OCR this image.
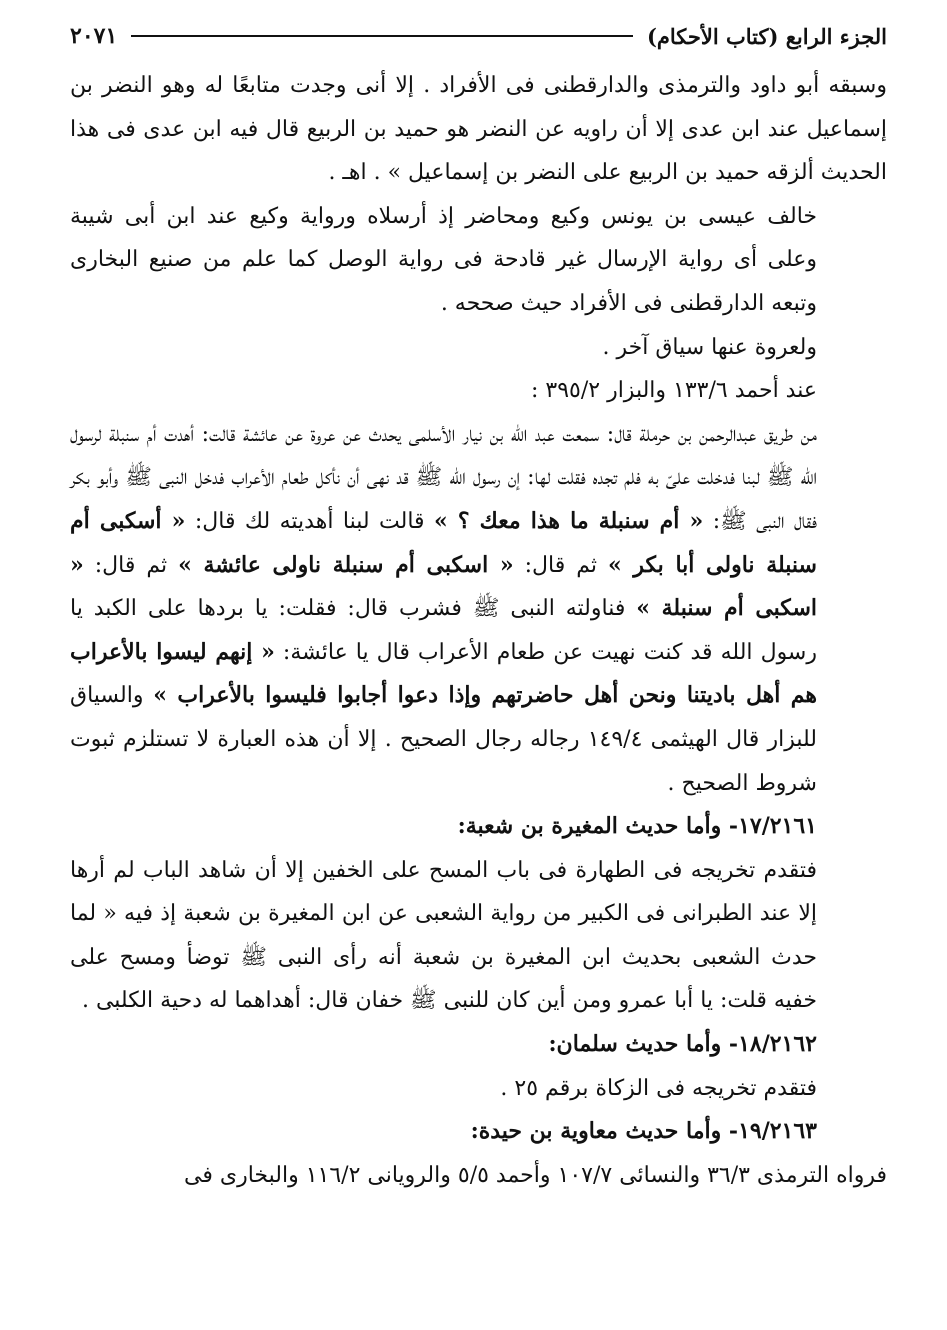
الجزء الرابع (كتاب الأحكام)
٢٠٧١

وسبقه أبو داود والترمذى والدارقطنى فى الأفراد . إلا أنى وجدت متابعًا له وهو النضر بن إسماعيل عند ابن عدى إلا أن راويه عن النضر هو حميد بن الربيع قال فيه ابن عدى فى هذا الحديث ألزقه حميد بن الربيع على النضر بن إسماعيل » . اهـ .

خالف عيسى بن يونس وكيع ومحاضر إذ أرسلاه ورواية وكيع عند ابن أبى شيبة وعلى أى رواية الإرسال غير قادحة فى رواية الوصل كما علم من صنيع البخارى وتبعه الدارقطنى فى الأفراد حيث صححه .

ولعروة عنها سياق آخر .

عند أحمد ١٣٣/٦ والبزار ٣٩٥/٢ :

من طريق عبدالرحمن بن حرملة قال: سمعت عبد الله بن نيار الأسلمى يحدث عن عروة عن عائشة قالت: أهدت أم سنبلة لرسول الله ﷺ لبنا فدخلت علىّ به فلم تجده فقلت لها: إن رسول الله ﷺ قد نهى أن نأكل طعام الأعراب فدخل النبى ﷺ وأبو بكر فقال النبى ﷺ: « أم سنبلة ما هذا معك ؟ » قالت لبنا أهديته لك قال: « أسكبى أم سنبلة ناولى أبا بكر » ثم قال: « اسكبى أم سنبلة ناولى عائشة » ثم قال: « اسكبى أم سنبلة » فناولته النبى ﷺ فشرب قال: فقلت: يا بردها على الكبد يا رسول الله قد كنت نهيت عن طعام الأعراب قال يا عائشة: « إنهم ليسوا بالأعراب هم أهل باديتنا ونحن أهل حاضرتهم وإذا دعوا أجابوا فليسوا بالأعراب » والسياق للبزار قال الهيثمى ١٤٩/٤ رجاله رجال الصحيح . إلا أن هذه العبارة لا تستلزم ثبوت شروط الصحيح .

١٧/٢١٦١- وأما حديث المغيرة بن شعبة:

فتقدم تخريجه فى الطهارة فى باب المسح على الخفين إلا أن شاهد الباب لم أرها إلا عند الطبرانى فى الكبير من رواية الشعبى عن ابن المغيرة بن شعبة إذ فيه « لما حدث الشعبى بحديث ابن المغيرة بن شعبة أنه رأى النبى ﷺ توضأ ومسح على خفيه قلت: يا أبا عمرو ومن أين كان للنبى ﷺ خفان قال: أهداهما له دحية الكلبى .

١٨/٢١٦٢- وأما حديث سلمان:

فتقدم تخريجه فى الزكاة برقم ٢٥ .

١٩/٢١٦٣- وأما حديث معاوية بن حيدة:

فرواه الترمذى ٣٦/٣ والنسائى ١٠٧/٧ وأحمد ٥/٥ والرويانى ١١٦/٢ والبخارى فى
